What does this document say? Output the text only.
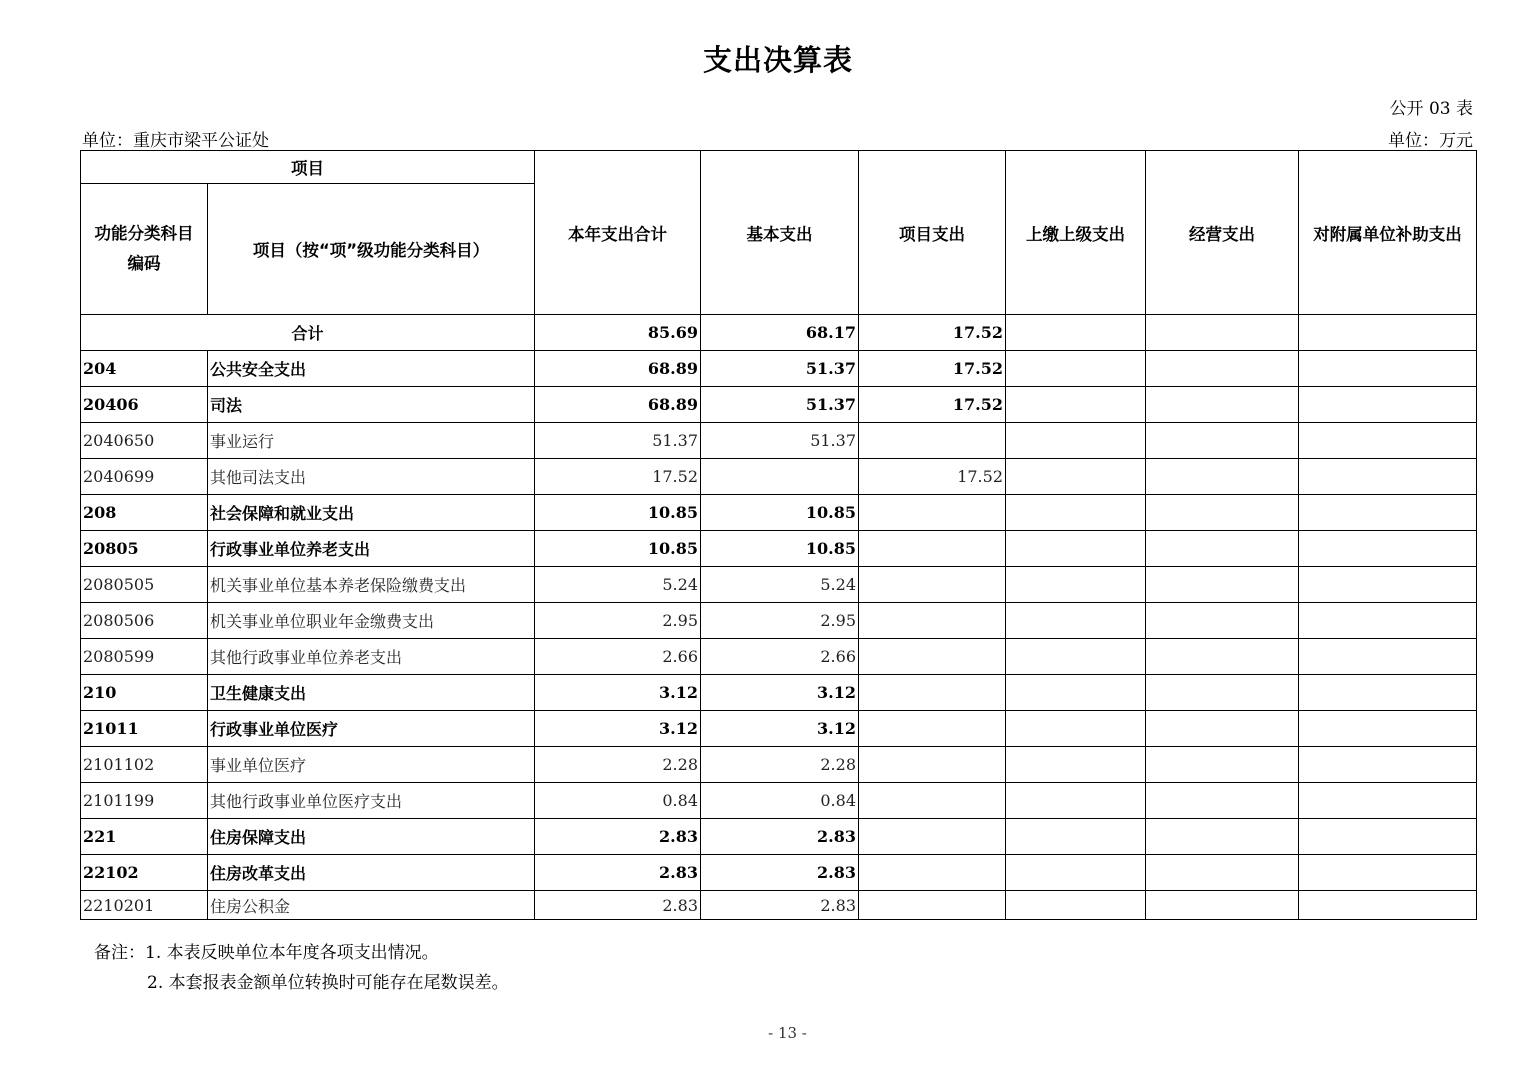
支出决算表
公开 03 表
单位：重庆市梁平公证处	单位：万元
项目		本年支出合计	基本支出	项目支出	上缴上级支出	经营支出	对附属单位补助支出
功能分类科目
编码	项目（按“项”级功能分类科目）						
合计		85.69	68.17	17.52			
204	公共安全支出	68.89	51.37	17.52			
20406	司法	68.89	51.37	17.52			
2040650	事业运行	51.37	51.37				
2040699	其他司法支出	17.52		17.52			
208	社会保障和就业支出	10.85	10.85				
20805	行政事业单位养老支出	10.85	10.85				
2080505	机关事业单位基本养老保险缴费支出	5.24	5.24				
2080506	机关事业单位职业年金缴费支出	2.95	2.95				
2080599	其他行政事业单位养老支出	2.66	2.66				
210	卫生健康支出	3.12	3.12				
21011	行政事业单位医疗	3.12	3.12				
2101102	事业单位医疗	2.28	2.28				
2101199	其他行政事业单位医疗支出	0.84	0.84				
221	住房保障支出	2.83	2.83				
22102	住房改革支出	2.83	2.83				
2210201	住房公积金	2.83	2.83				
备注：1. 本表反映单位本年度各项支出情况。
2. 本套报表金额单位转换时可能存在尾数误差。
- 13 -
